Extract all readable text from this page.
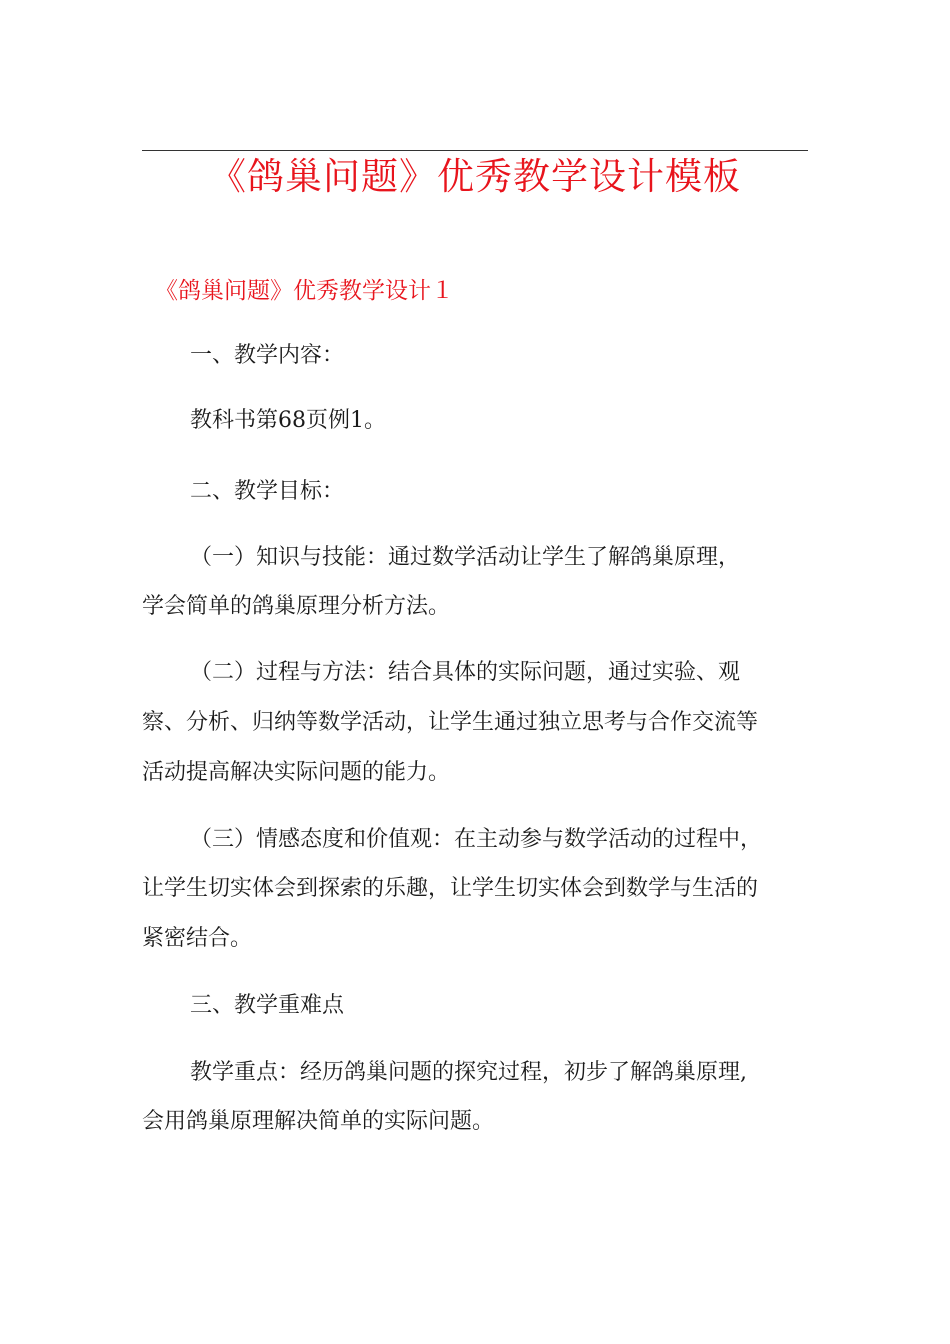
《鸽巢问题》优秀教学设计模板
《鸽巢问题》优秀教学设计１
一、教学内容：
教科书第68页例1。
二、教学目标：
（一）知识与技能：通过数学活动让学生了解鸽巢原理，
学会简单的鸽巢原理分析方法。
（二）过程与方法：结合具体的实际问题，通过实验、观
察、分析、归纳等数学活动，让学生通过独立思考与合作交流等
活动提高解决实际问题的能力。
（三）情感态度和价值观：在主动参与数学活动的过程中，
让学生切实体会到探索的乐趣，让学生切实体会到数学与生活的
紧密结合。
三、教学重难点
教学重点：经历鸽巢问题的探究过程，初步了解鸽巢原理,
会用鸽巢原理解决简单的实际问题。
